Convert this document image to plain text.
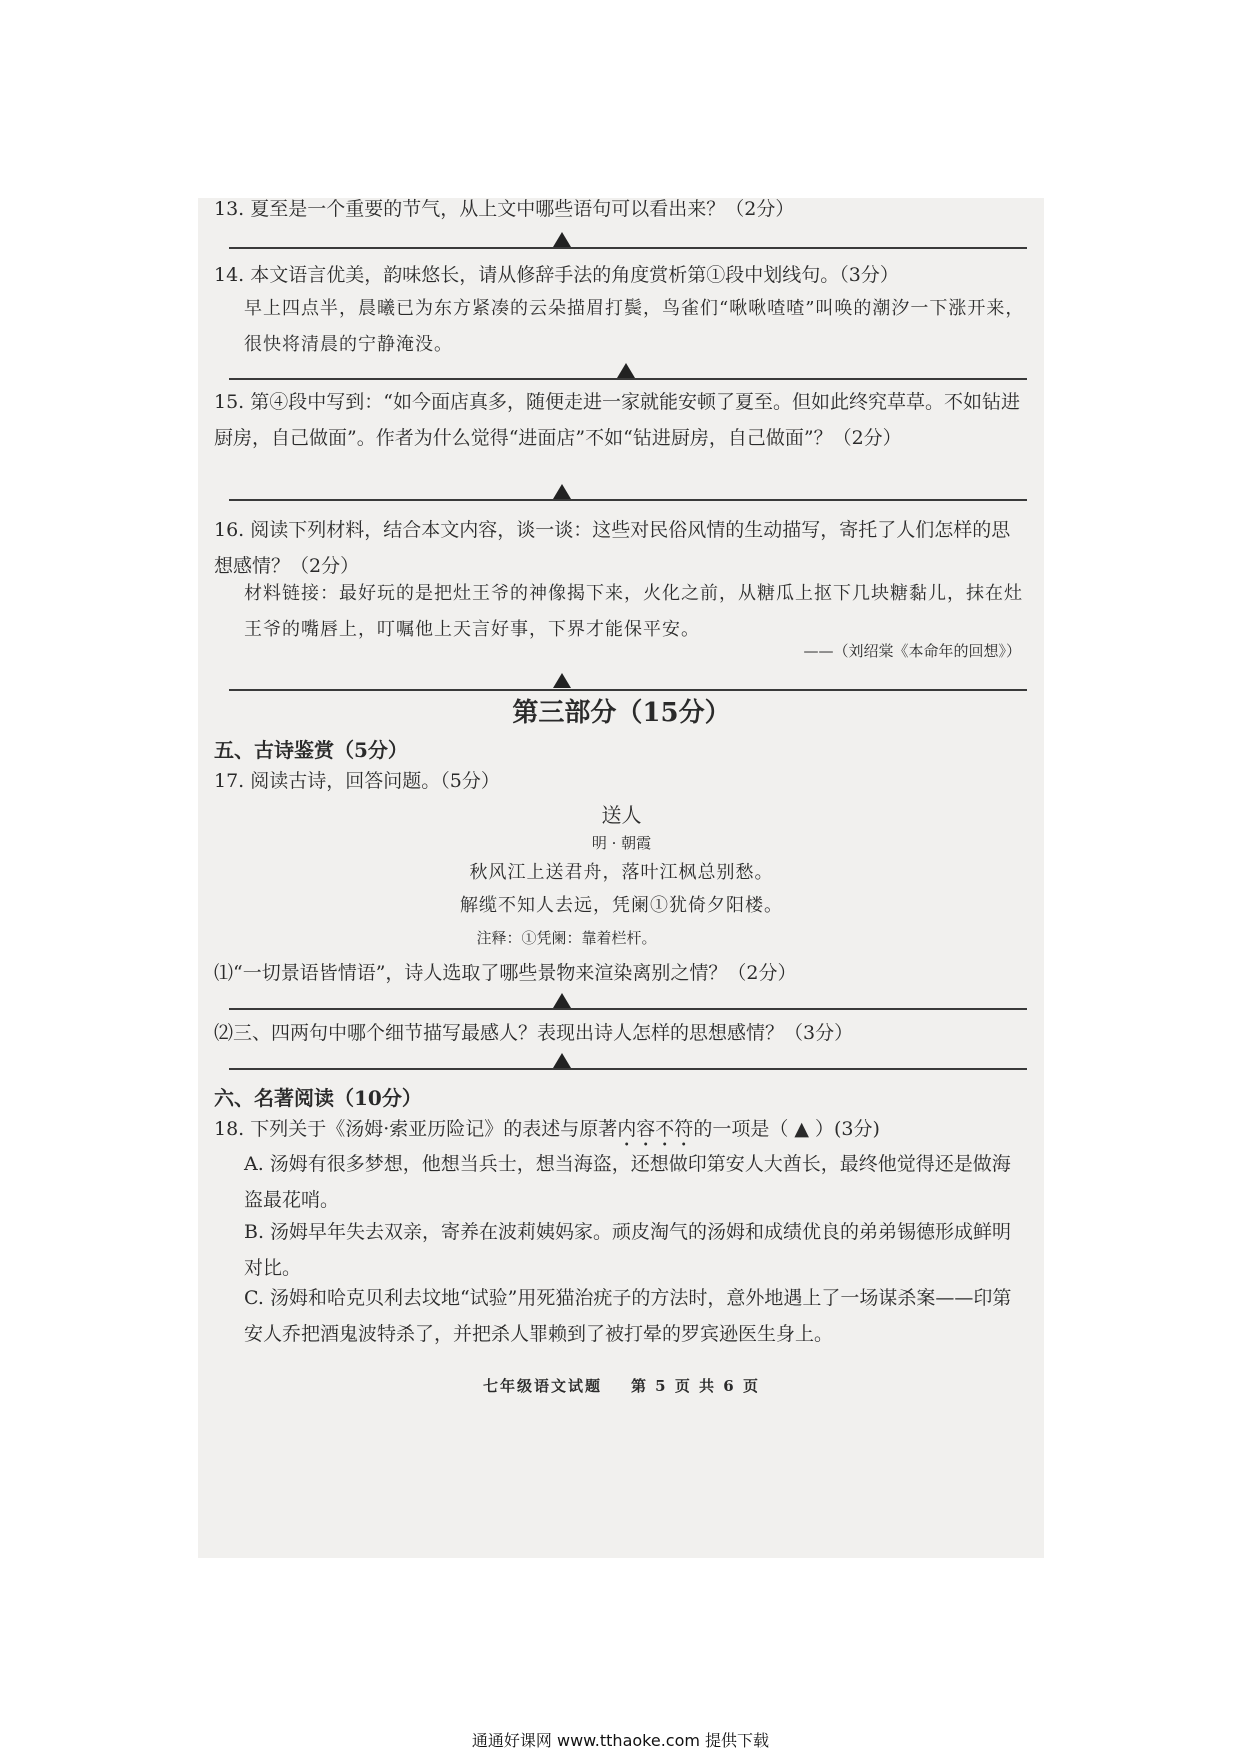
13. 夏至是一个重要的节气，从上文中哪些语句可以看出来？（2分）

14. 本文语言优美，韵味悠长，请从修辞手法的角度赏析第①段中划线句。（3分）

早上四点半，晨曦已为东方紧凑的云朵描眉打鬓，鸟雀们“啾啾喳喳”叫唤的潮汐一下涨开来，很快将清晨的宁静淹没。

15. 第④段中写到：“如今面店真多，随便走进一家就能安顿了夏至。但如此终究草草。不如钻进厨房，自己做面”。作者为什么觉得“进面店”不如“钻进厨房，自己做面”？（2分）

16. 阅读下列材料，结合本文内容，谈一谈：这些对民俗风情的生动描写，寄托了人们怎样的思想感情？（2分）

材料链接：最好玩的是把灶王爷的神像揭下来，火化之前，从糖瓜上抠下几块糖黏儿，抹在灶王爷的嘴唇上，叮嘱他上天言好事，下界才能保平安。

——（刘绍棠《本命年的回想》）

第三部分（15分）

五、古诗鉴赏（5分）

17. 阅读古诗，回答问题。（5分）

送人

明 · 朝霞

秋风江上送君舟，落叶江枫总别愁。

解缆不知人去远，凭阑①犹倚夕阳楼。

注释：①凭阑：靠着栏杆。

⑴“一切景语皆情语”，诗人选取了哪些景物来渲染离别之情？（2分）

⑵三、四两句中哪个细节描写最感人？表现出诗人怎样的思想感情？（3分）

六、名著阅读（10分）

18. 下列关于《汤姆·索亚历险记》的表述与原著内容不符的一项是（ ▲ ）(3分)

A. 汤姆有很多梦想，他想当兵士，想当海盗，还想做印第安人大酋长，最终他觉得还是做海盗最花哨。

B. 汤姆早年失去双亲，寄养在波莉姨妈家。顽皮淘气的汤姆和成绩优良的弟弟锡德形成鲜明对比。

C. 汤姆和哈克贝利去坟地“试验”用死猫治疣子的方法时，意外地遇上了一场谋杀案——印第安人乔把酒鬼波特杀了，并把杀人罪赖到了被打晕的罗宾逊医生身上。

七年级语文试题 第 5 页 共 6 页

通通好课网 www.tthaoke.com 提供下载
